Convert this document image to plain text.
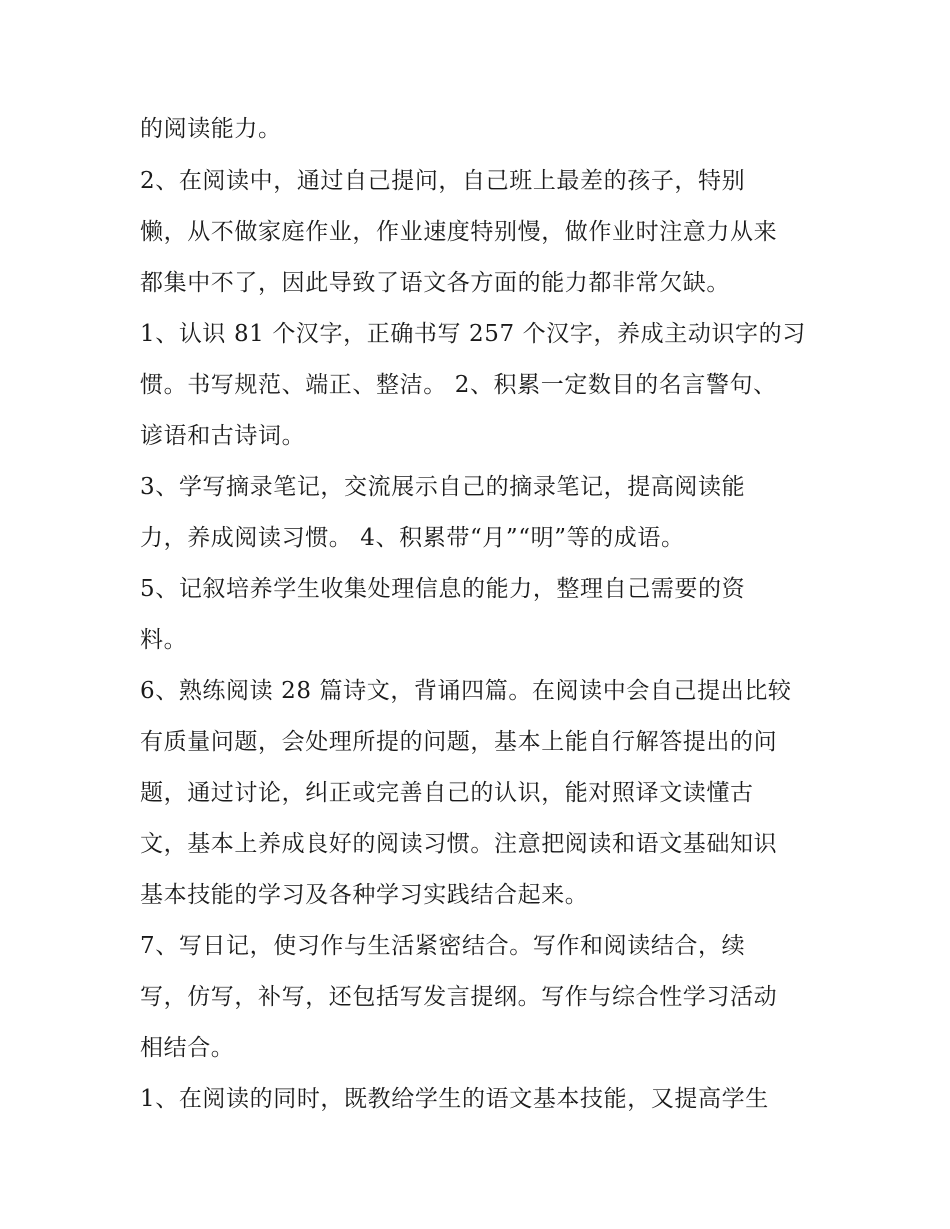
的阅读能力。
2、在阅读中，通过自己提问，自己班上最差的孩子，特别
懒，从不做家庭作业，作业速度特别慢，做作业时注意力从来
都集中不了，因此导致了语文各方面的能力都非常欠缺。
1、认识 81 个汉字，正确书写 257 个汉字，养成主动识字的习
惯。书写规范、端正、整洁。 2、积累一定数目的名言警句、
谚语和古诗词。
3、学写摘录笔记，交流展示自己的摘录笔记，提高阅读能
力，养成阅读习惯。 4、积累带“月”“明”等的成语。
5、记叙培养学生收集处理信息的能力，整理自己需要的资
料。
6、熟练阅读 28 篇诗文，背诵四篇。在阅读中会自己提出比较
有质量问题，会处理所提的问题，基本上能自行解答提出的问
题，通过讨论，纠正或完善自己的认识，能对照译文读懂古
文，基本上养成良好的阅读习惯。注意把阅读和语文基础知识
基本技能的学习及各种学习实践结合起来。
7、写日记，使习作与生活紧密结合。写作和阅读结合，续
写，仿写，补写，还包括写发言提纲。写作与综合性学习活动
相结合。
1、在阅读的同时，既教给学生的语文基本技能，又提高学生
